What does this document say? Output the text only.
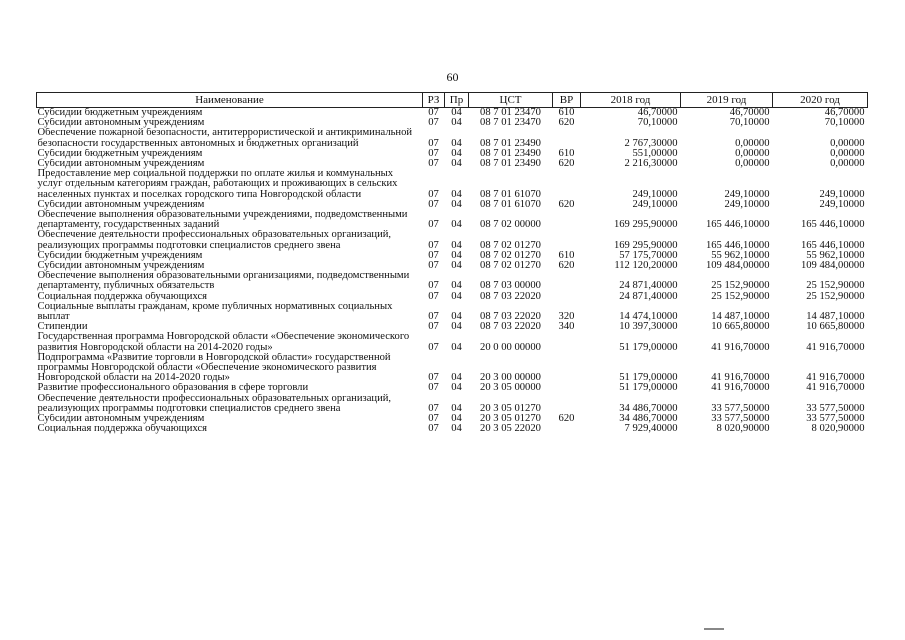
60
Наименование	РЗ	Пр	ЦСТ	ВР	2018 год	2019 год	2020 год
Субсидии бюджетным учреждениям	07	04	08 7 01 23470	610	46,70000	46,70000	46,70000
Субсидии автономным учреждениям	07	04	08 7 01 23470	620	70,10000	70,10000	70,10000
Обеспечение пожарной безопасности, антитеррористической и антикриминальной безопасности государственных автономных и бюджетных организаций	07	04	08 7 01 23490		2 767,30000	0,00000	0,00000
Субсидии бюджетным учреждениям	07	04	08 7 01 23490	610	551,00000	0,00000	0,00000
Субсидии автономным учреждениям	07	04	08 7 01 23490	620	2 216,30000	0,00000	0,00000
Предоставление мер социальной поддержки по оплате жилья и коммунальных услуг отдельным категориям граждан, работающих и проживающих в сельских населенных пунктах и поселках городского типа Новгородской области	07	04	08 7 01 61070		249,10000	249,10000	249,10000
Субсидии автономным учреждениям	07	04	08 7 01 61070	620	249,10000	249,10000	249,10000
Обеспечение выполнения образовательными учреждениями, подведомственными департаменту, государственных заданий	07	04	08 7 02 00000		169 295,90000	165 446,10000	165 446,10000
Обеспечение деятельности профессиональных образовательных организаций, реализующих программы подготовки специалистов среднего звена	07	04	08 7 02 01270		169 295,90000	165 446,10000	165 446,10000
Субсидии бюджетным учреждениям	07	04	08 7 02 01270	610	57 175,70000	55 962,10000	55 962,10000
Субсидии автономным учреждениям	07	04	08 7 02 01270	620	112 120,20000	109 484,00000	109 484,00000
Обеспечение выполнения образовательными организациями, подведомственными департаменту, публичных обязательств	07	04	08 7 03 00000		24 871,40000	25 152,90000	25 152,90000
Социальная поддержка обучающихся	07	04	08 7 03 22020		24 871,40000	25 152,90000	25 152,90000
Социальные выплаты гражданам, кроме публичных нормативных социальных выплат	07	04	08 7 03 22020	320	14 474,10000	14 487,10000	14 487,10000
Стипендии	07	04	08 7 03 22020	340	10 397,30000	10 665,80000	10 665,80000
Государственная программа Новгородской области «Обеспечение экономического развития Новгородской области на 2014-2020 годы»	07	04	20 0 00 00000		51 179,00000	41 916,70000	41 916,70000
Подпрограмма «Развитие торговли в Новгородской области» государственной программы Новгородской области «Обеспечение экономического развития Новгородской области на 2014-2020 годы»	07	04	20 3 00 00000		51 179,00000	41 916,70000	41 916,70000
Развитие профессионального образования в сфере торговли	07	04	20 3 05 00000		51 179,00000	41 916,70000	41 916,70000
Обеспечение деятельности профессиональных образовательных организаций, реализующих программы подготовки специалистов среднего звена	07	04	20 3 05 01270		34 486,70000	33 577,50000	33 577,50000
Субсидии автономным учреждениям	07	04	20 3 05 01270	620	34 486,70000	33 577,50000	33 577,50000
Социальная поддержка обучающихся	07	04	20 3 05 22020		7 929,40000	8 020,90000	8 020,90000
